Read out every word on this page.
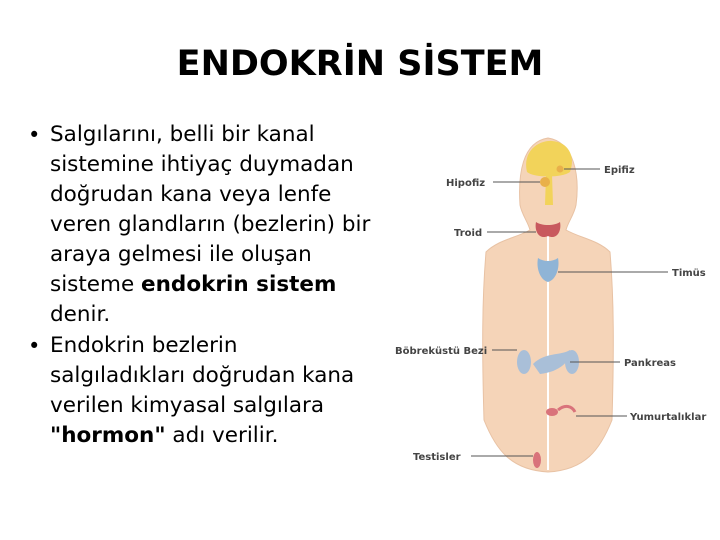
ENDOKRİN SİSTEM
• Salgılarını, belli bir kanal sistemine ihtiyaç duymadan doğrudan kana veya lenfe veren glandların (bezlerin) bir araya gelmesi ile oluşan sisteme endokrin sistem denir.
• Endokrin bezlerin salgıladıkları doğrudan kana verilen kimyasal salgılara "hormon" adı verilir.
Hipofiz
Epifiz
Troid
Timüs
Böbreküstü Bezi
Pankreas
Yumurtalıklar
Testisler
